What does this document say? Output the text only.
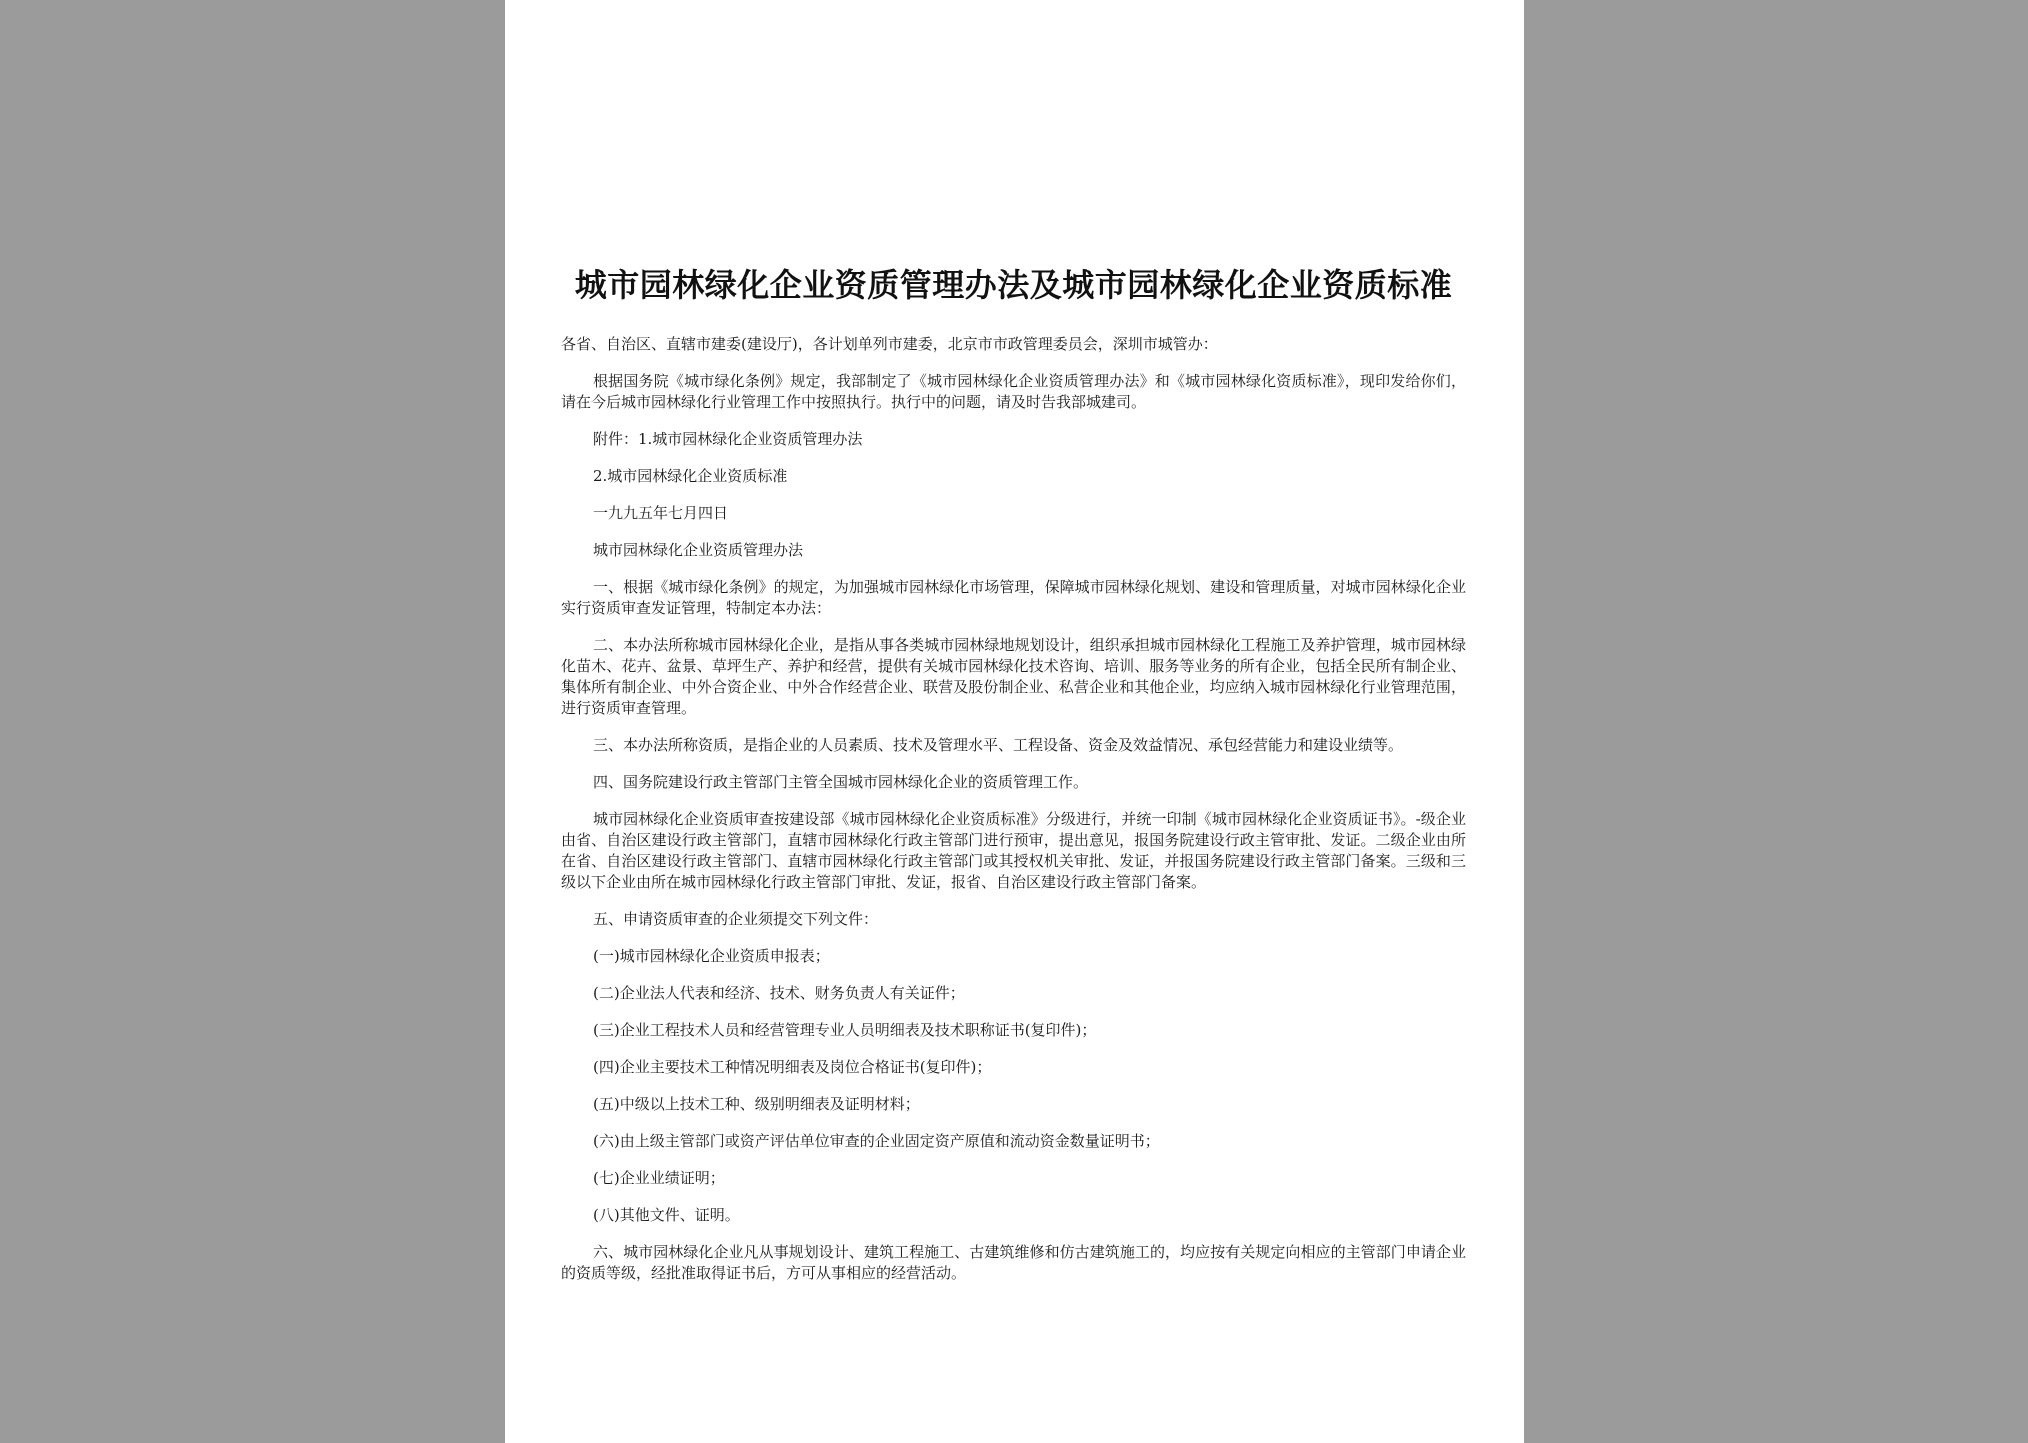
城市园林绿化企业资质管理办法及城市园林绿化企业资质标准

各省、自治区、直辖市建委(建设厅)，各计划单列市建委，北京市市政管理委员会，深圳市城管办：

根据国务院《城市绿化条例》规定，我部制定了《城市园林绿化企业资质管理办法》和《城市园林绿化资质标准》，现印发给你们，请在今后城市园林绿化行业管理工作中按照执行。执行中的问题，请及时告我部城建司。

附件：1.城市园林绿化企业资质管理办法

2.城市园林绿化企业资质标准

一九九五年七月四日

城市园林绿化企业资质管理办法

一、根据《城市绿化条例》的规定，为加强城市园林绿化市场管理，保障城市园林绿化规划、建设和管理质量，对城市园林绿化企业实行资质审查发证管理，特制定本办法：

二、本办法所称城市园林绿化企业，是指从事各类城市园林绿地规划设计，组织承担城市园林绿化工程施工及养护管理，城市园林绿化苗木、花卉、盆景、草坪生产、养护和经营，提供有关城市园林绿化技术咨询、培训、服务等业务的所有企业，包括全民所有制企业、集体所有制企业、中外合资企业、中外合作经营企业、联营及股份制企业、私营企业和其他企业，均应纳入城市园林绿化行业管理范围，进行资质审查管理。

三、本办法所称资质，是指企业的人员素质、技术及管理水平、工程设备、资金及效益情况、承包经营能力和建设业绩等。

四、国务院建设行政主管部门主管全国城市园林绿化企业的资质管理工作。

城市园林绿化企业资质审查按建设部《城市园林绿化企业资质标准》分级进行，并统一印制《城市园林绿化企业资质证书》。-级企业由省、自治区建设行政主管部门，直辖市园林绿化行政主管部门进行预审，提出意见，报国务院建设行政主管审批、发证。二级企业由所在省、自治区建设行政主管部门、直辖市园林绿化行政主管部门或其授权机关审批、发证，并报国务院建设行政主管部门备案。三级和三级以下企业由所在城市园林绿化行政主管部门审批、发证，报省、自治区建设行政主管部门备案。

五、申请资质审查的企业须提交下列文件：

(一)城市园林绿化企业资质申报表；

(二)企业法人代表和经济、技术、财务负责人有关证件；

(三)企业工程技术人员和经营管理专业人员明细表及技术职称证书(复印件)；

(四)企业主要技术工种情况明细表及岗位合格证书(复印件)；

(五)中级以上技术工种、级别明细表及证明材料；

(六)由上级主管部门或资产评估单位审查的企业固定资产原值和流动资金数量证明书；

(七)企业业绩证明；

(八)其他文件、证明。

六、城市园林绿化企业凡从事规划设计、建筑工程施工、古建筑维修和仿古建筑施工的，均应按有关规定向相应的主管部门申请企业的资质等级，经批准取得证书后，方可从事相应的经营活动。
